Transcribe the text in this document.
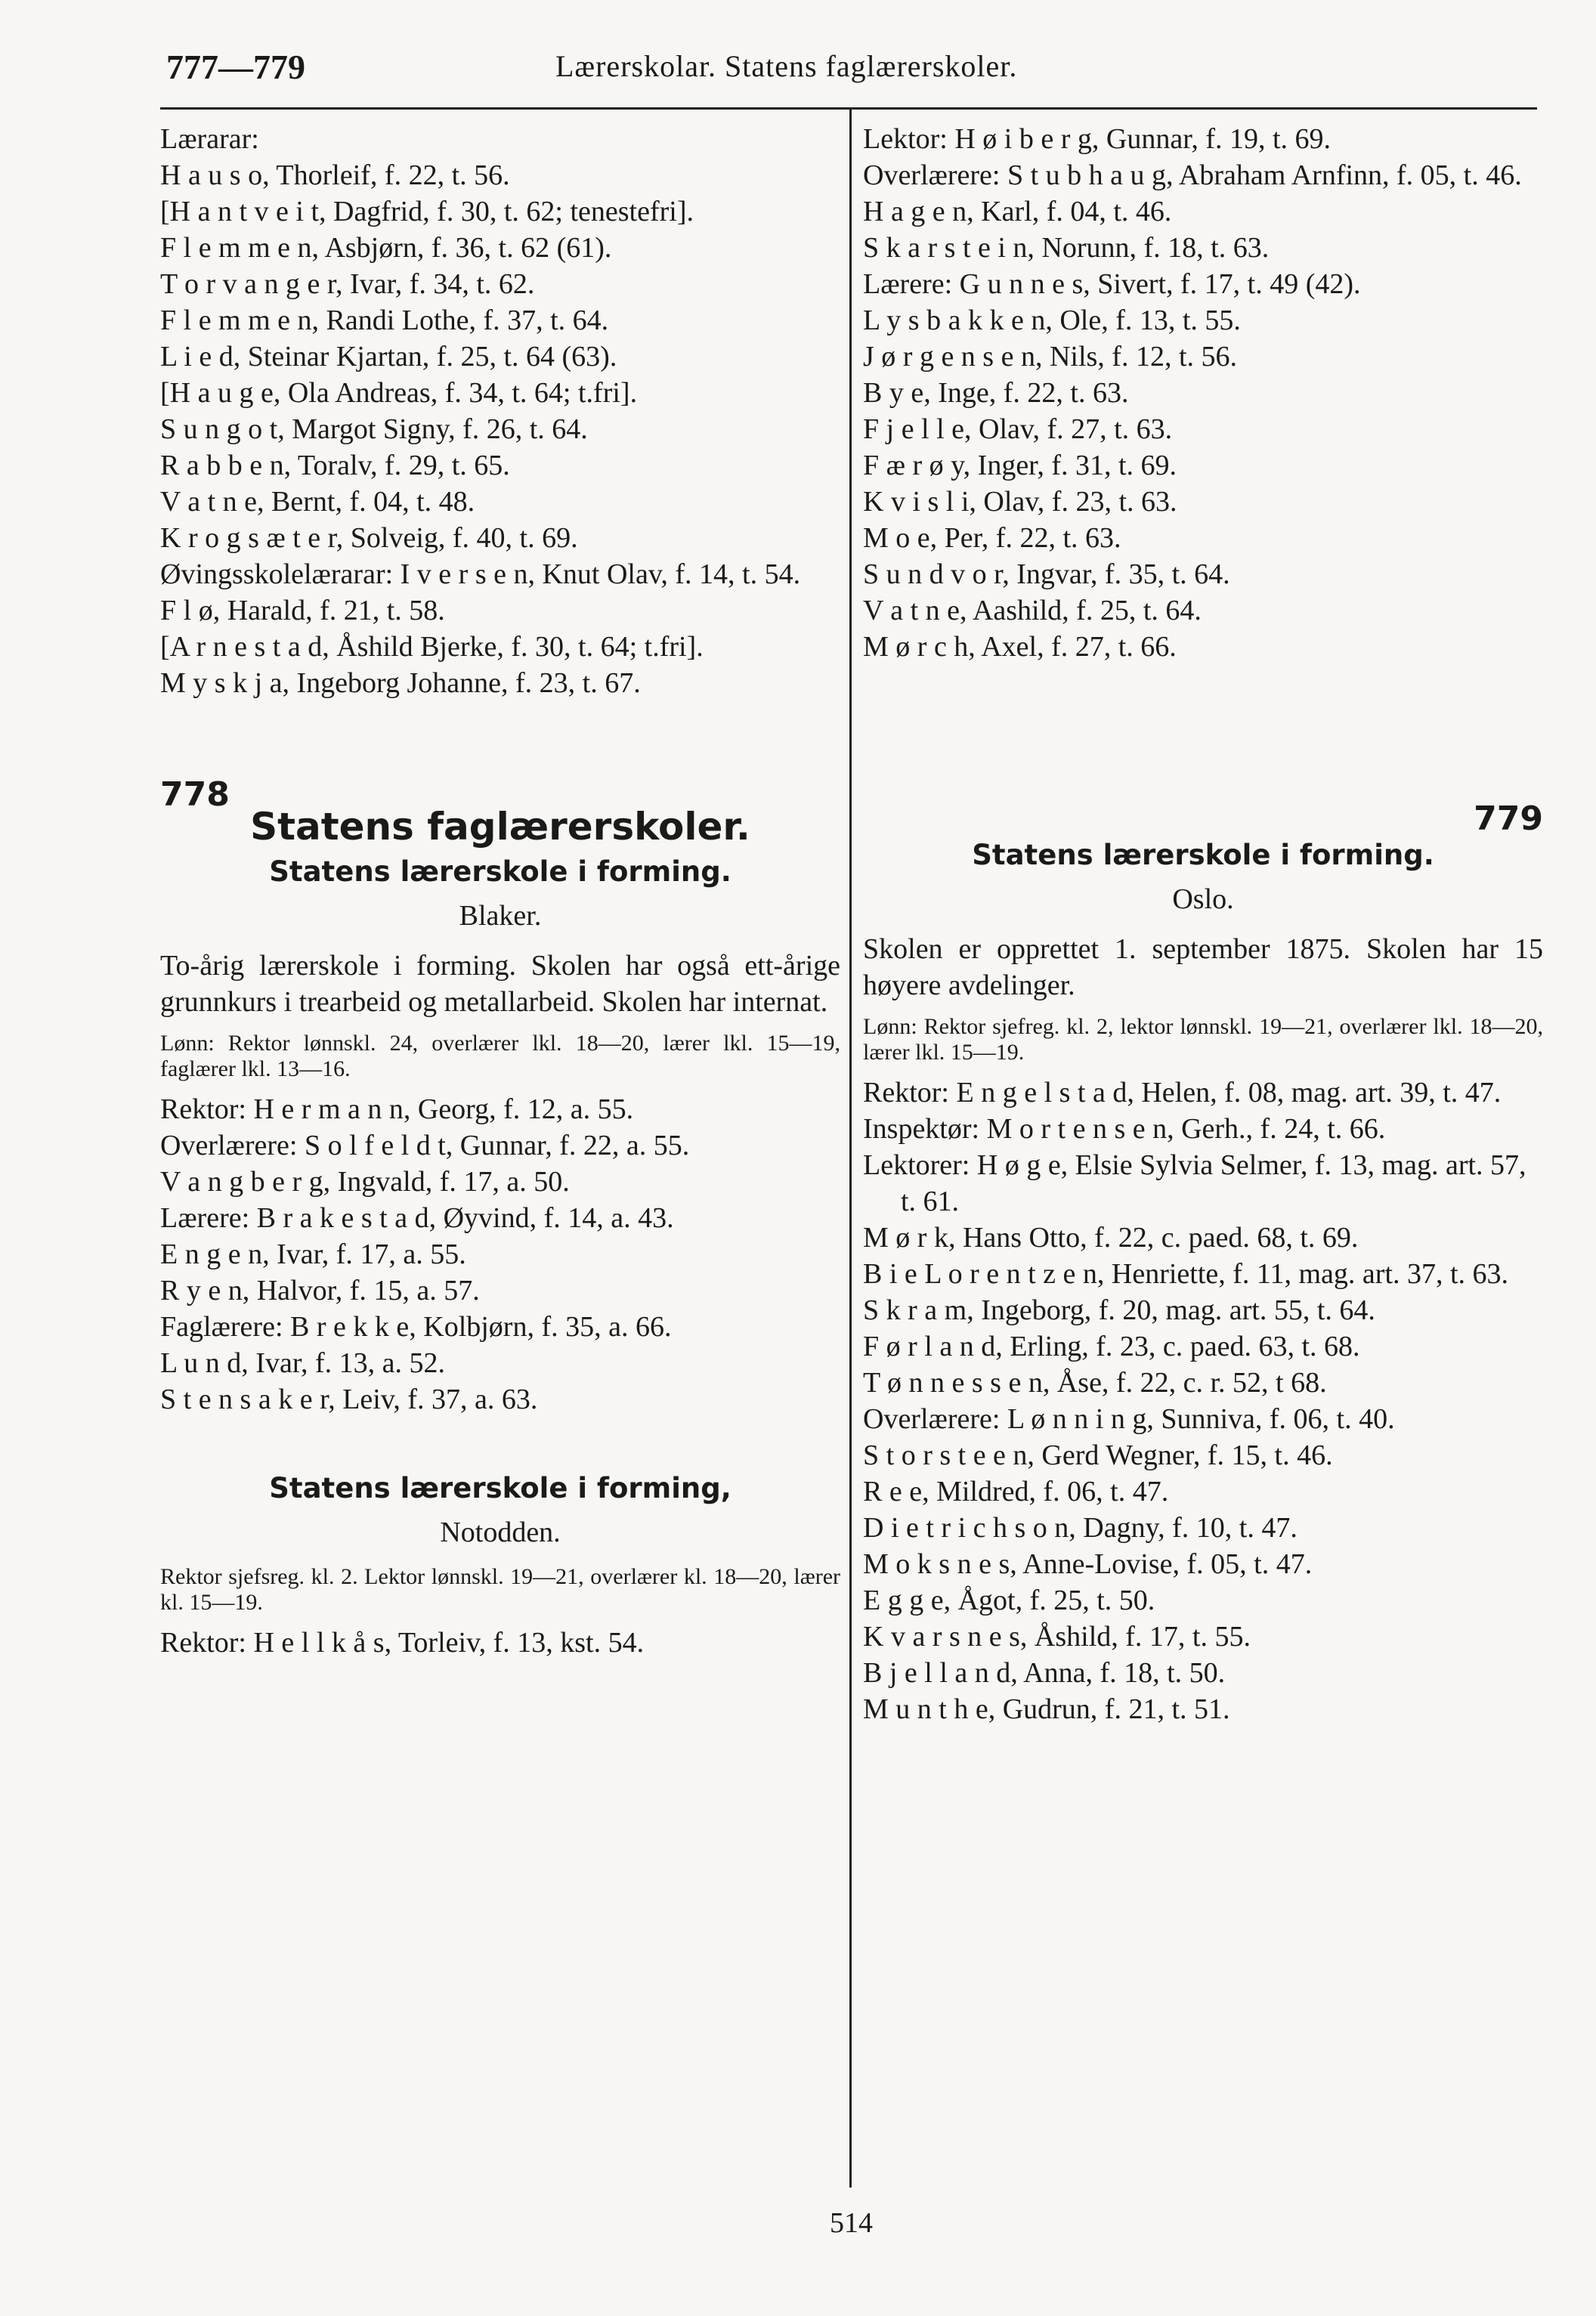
777—779	Lærerskolar. Statens faglærerskoler.

Lærarar:

H a u s o, Thorleif, f. 22, t. 56.

[H a n t v e i t, Dagfrid, f. 30, t. 62; tenestefri].

F l e m m e n, Asbjørn, f. 36, t. 62 (61).

T o r v a n g e r, Ivar, f. 34, t. 62.

F l e m m e n, Randi Lothe, f. 37, t. 64.

L i e d, Steinar Kjartan, f. 25, t. 64 (63).

[H a u g e, Ola Andreas, f. 34, t. 64; t.fri].

S u n g o t, Margot Signy, f. 26, t. 64.

R a b b e n, Toralv, f. 29, t. 65.

V a t n e, Bernt, f. 04, t. 48.

K r o g s æ t e r, Solveig, f. 40, t. 69.

Øvingsskolelærarar: I v e r s e n, Knut Olav, f. 14, t. 54.

F l ø, Harald, f. 21, t. 58.

[A r n e s t a d, Åshild Bjerke, f. 30, t. 64; t.fri].

M y s k j a, Ingeborg Johanne, f. 23, t. 67.

778

Statens faglærerskoler.

Statens lærerskole i forming.

Blaker.

To-årig lærerskole i forming. Skolen har også ett-årige grunnkurs i trearbeid og metallarbeid. Skolen har internat.

Lønn: Rektor lønnskl. 24, overlærer lkl. 18—20, lærer lkl. 15—19, faglærer lkl. 13—16.

Rektor: H e r m a n n, Georg, f. 12, a. 55.

Overlærere: S o l f e l d t, Gunnar, f. 22, a. 55.

V a n g b e r g, Ingvald, f. 17, a. 50.

Lærere: B r a k e s t a d, Øyvind, f. 14, a. 43.

E n g e n, Ivar, f. 17, a. 55.

R y e n, Halvor, f. 15, a. 57.

Faglærere: B r e k k e, Kolbjørn, f. 35, a. 66.

L u n d, Ivar, f. 13, a. 52.

S t e n s a k e r, Leiv, f. 37, a. 63.

Statens lærerskole i forming,

Notodden.

Rektor sjefsreg. kl. 2. Lektor lønnskl. 19—21, overlærer kl. 18—20, lærer kl. 15—19.

Rektor: H e l l k å s, Torleiv, f. 13, kst. 54.

Lektor: H ø i b e r g, Gunnar, f. 19, t. 69.

Overlærere: S t u b h a u g, Abraham Arnfinn, f. 05, t. 46.

H a g e n, Karl, f. 04, t. 46.

S k a r s t e i n, Norunn, f. 18, t. 63.

Lærere: G u n n e s, Sivert, f. 17, t. 49 (42).

L y s b a k k e n, Ole, f. 13, t. 55.

J ø r g e n s e n, Nils, f. 12, t. 56.

B y e, Inge, f. 22, t. 63.

F j e l l e, Olav, f. 27, t. 63.

F æ r ø y, Inger, f. 31, t. 69.

K v i s l i, Olav, f. 23, t. 63.

M o e, Per, f. 22, t. 63.

S u n d v o r, Ingvar, f. 35, t. 64.

V a t n e, Aashild, f. 25, t. 64.

M ø r c h, Axel, f. 27, t. 66.

779

Statens lærerskole i forming.

Oslo.

Skolen er opprettet 1. september 1875. Skolen har 15 høyere avdelinger.

Lønn: Rektor sjefreg. kl. 2, lektor lønnskl. 19—21, overlærer lkl. 18—20, lærer lkl. 15—19.

Rektor: E n g e l s t a d, Helen, f. 08, mag. art. 39, t. 47.

Inspektør: M o r t e n s e n, Gerh., f. 24, t. 66.

Lektorer: H ø g e, Elsie Sylvia Selmer, f. 13, mag. art. 57, t. 61.

M ø r k, Hans Otto, f. 22, c. paed. 68, t. 69.

B i e L o r e n t z e n, Henriette, f. 11, mag. art. 37, t. 63.

S k r a m, Ingeborg, f. 20, mag. art. 55, t. 64.

F ø r l a n d, Erling, f. 23, c. paed. 63, t. 68.

T ø n n e s s e n, Åse, f. 22, c. r. 52, t 68.

Overlærere: L ø n n i n g, Sunniva, f. 06, t. 40.

S t o r s t e e n, Gerd Wegner, f. 15, t. 46.

R e e, Mildred, f. 06, t. 47.

D i e t r i c h s o n, Dagny, f. 10, t. 47.

M o k s n e s, Anne-Lovise, f. 05, t. 47.

E g g e, Ågot, f. 25, t. 50.

K v a r s n e s, Åshild, f. 17, t. 55.

B j e l l a n d, Anna, f. 18, t. 50.

M u n t h e, Gudrun, f. 21, t. 51.

514
